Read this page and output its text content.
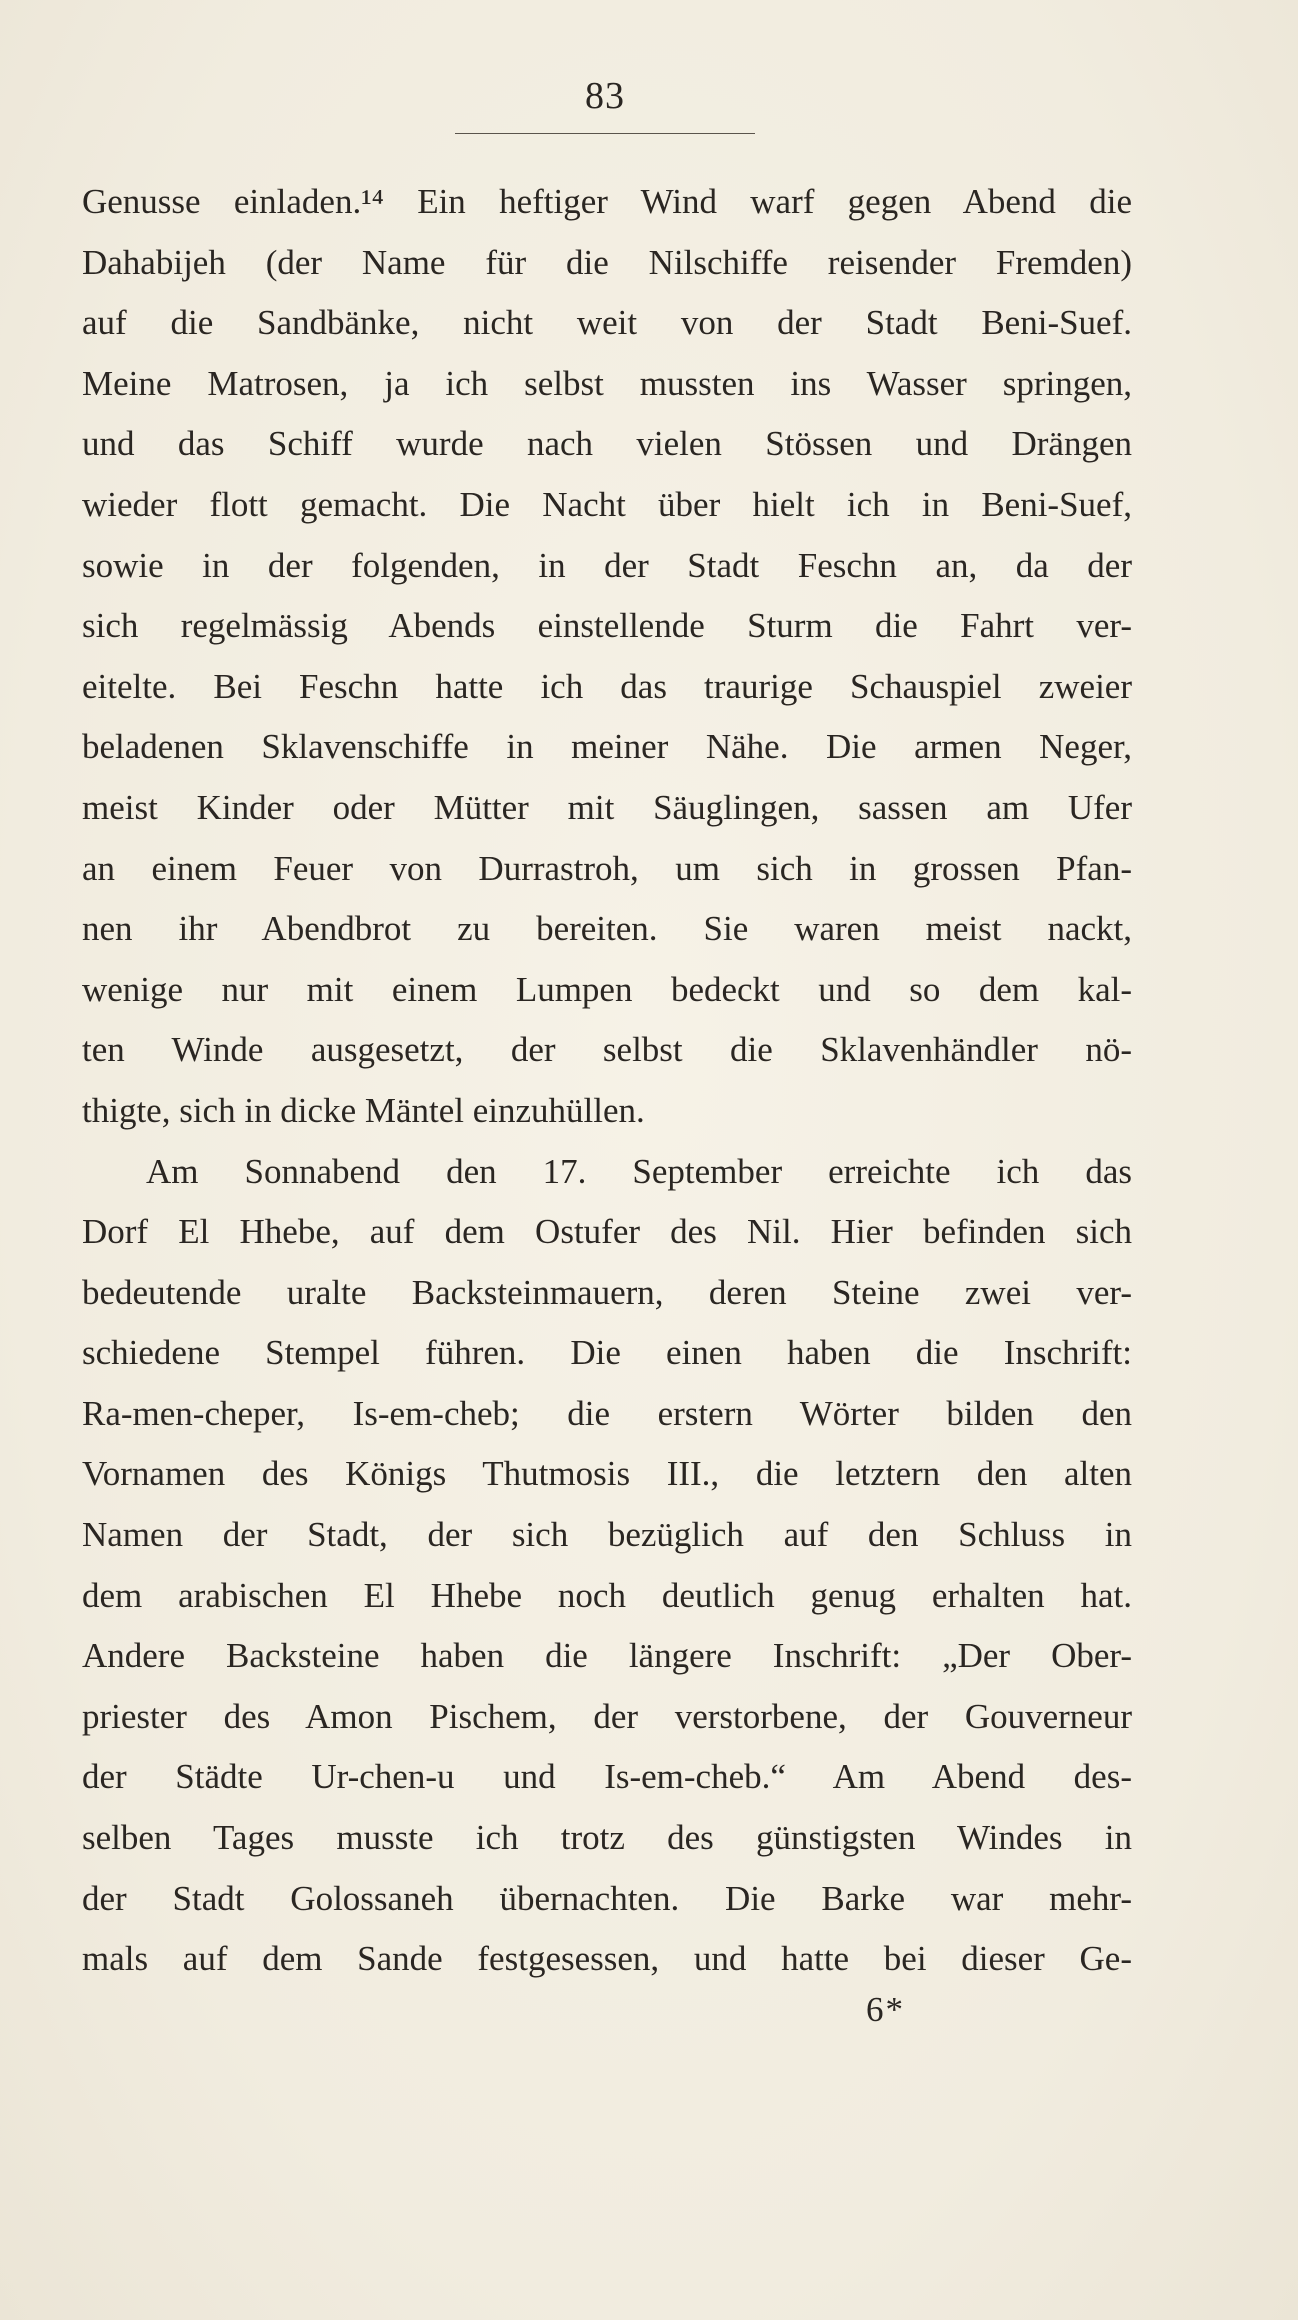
83
Genusse einladen.¹⁴ Ein heftiger Wind warf gegen Abend die
Dahabijeh (der Name für die Nilschiffe reisender Fremden)
auf die Sandbänke, nicht weit von der Stadt Beni-Suef.
Meine Matrosen, ja ich selbst mussten ins Wasser springen,
und das Schiff wurde nach vielen Stössen und Drängen
wieder flott gemacht. Die Nacht über hielt ich in Beni-Suef,
sowie in der folgenden, in der Stadt Feschn an, da der
sich regelmässig Abends einstellende Sturm die Fahrt ver-
eitelte. Bei Feschn hatte ich das traurige Schauspiel zweier
beladenen Sklavenschiffe in meiner Nähe. Die armen Neger,
meist Kinder oder Mütter mit Säuglingen, sassen am Ufer
an einem Feuer von Durrastroh, um sich in grossen Pfan-
nen ihr Abendbrot zu bereiten. Sie waren meist nackt,
wenige nur mit einem Lumpen bedeckt und so dem kal-
ten Winde ausgesetzt, der selbst die Sklavenhändler nö-
thigte, sich in dicke Mäntel einzuhüllen.
Am Sonnabend den 17. September erreichte ich das
Dorf El Hhebe, auf dem Ostufer des Nil. Hier befinden sich
bedeutende uralte Backsteinmauern, deren Steine zwei ver-
schiedene Stempel führen. Die einen haben die Inschrift:
Ra-men-cheper, Is-em-cheb; die erstern Wörter bilden den
Vornamen des Königs Thutmosis III., die letztern den alten
Namen der Stadt, der sich bezüglich auf den Schluss in
dem arabischen El Hhebe noch deutlich genug erhalten hat.
Andere Backsteine haben die längere Inschrift: „Der Ober-
priester des Amon Pischem, der verstorbene, der Gouverneur
der Städte Ur-chen-u und Is-em-cheb.“ Am Abend des-
selben Tages musste ich trotz des günstigsten Windes in
der Stadt Golossaneh übernachten. Die Barke war mehr-
mals auf dem Sande festgesessen, und hatte bei dieser Ge-
6*
